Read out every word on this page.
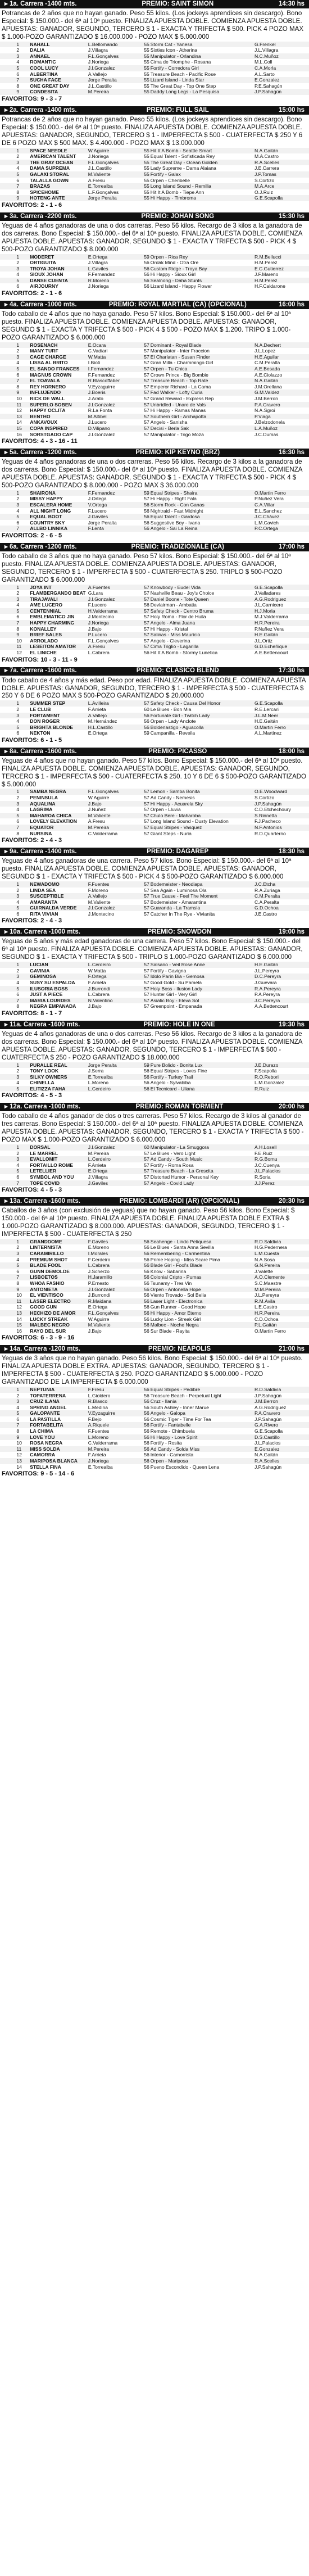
▸ 1a. Carrera - 1400 mts.	PREMIO: SAINT SIMON	14:30 hs
Potrancas de 2 años que no hayan ganado. Peso 55 kilos. (Los jockeys aprendices sin descargo). Bono Especial: $ 150.000.- del 6ª al 10ª puesto. FINALIZA APUESTA DOBLE. COMIENZA APUESTA DOBLE. APUESTAS: GANADOR, SEGUNDO, TERCERO $ 1 - EXACTA Y TRIFECTA $ 500. PICK 4 POZO MAX $ 1.000-POZO GARANTIZADO $ 16.000.000 - POZO MAX $ 5.000.000
	1	NAHALL	L.Bellomando	55	Storm Cat - Yanesa	G.Frenkel
	2	DALIA	J.Villagra	55	Sixties Icon - Atherina	J.L.Villagra
	3	ANNAEL	F.L.Gonçalves	55	Manipulator - Orlandina	N.C.Muñoz
	4	ROMANTIC	J.Noriega	55	Cima de Triomphe - Rosana	M.L.Coll
	5	COOL LUCY	J.I.Gonzalez	55	Fortify - Corredora Girl	C.A.Morla
	6	ALBERTINA	A.Vallejo	55	Treasure Beach - Pacific Rose	A.L.Sarto
	7	SUCHA FACE	Jorge Peralta	55	Lizard Island - Linda Star	E.Gonzalez
	8	ONE GREAT DAY	J.L.Castillo	55	The Great Day - Top One Step	P.E.Sahagún
	9	CONDESITA	M.Pereira	55	Daddy Long Legs - La Pesquisa	J.P.Sahagún
FAVORITOS: 9 - 3 - 7
▸ 2a. Carrera - 1400 mts.	PREMIO: FULL SAIL	15:00 hs
Potrancas de 2 años que no hayan ganado. Peso 55 kilos. (Los jockeys aprendices sin descargo). Bono Especial: $ 150.000.- del 6ª al 10ª puesto. FINALIZA APUESTA DOBLE. COMIENZA APUESTA DOBLE. APUESTAS: GANADOR, SEGUNDO, TERCERO $ 1 - IMPERFECTA $ 500 - CUATERFECTA $ 250 Y 6 DE 6 POZO MAX $ 500 MAX. $ 4.400.000 - POZO MAX $ 13.000.000
	1	SPACE NEEDLE	W.Aguirre	55	Hit It A Bomb - Seattle Smart	N.A.Gaitán
	2	AMERICAN TALENT	J.Noriega	55	Equal Talent - Sofisticada Rey	M.A.Castro
	3	THE GRAY OCEAN	F.L.Gonçalves	55	The Great Day - Ocean Golden	R.A.Scelles
	4	DAMA SUPREMA	J.L.Castillo	55	Lady Supreme - Dama Alaiana	J.E.Carrera
	5	GALAXI STORAL	M.Valiente	55	Fortify - Galax	J.P.Tomas
	6	TALALLA GOWN	A.Fresu	55	Orpen - Cheribelle	S.Cortizo
	7	BRAZAS	E.Torrealba	55	Long Island Sound - Remilla	M.A.Arce
	8	SPICEHOME	L.F.Gonçalves	55	Hit It A Bomb - Tiepe Ann	O.J.Ruiz
	9	HOTENG ANTE	Jorge Peralta	55	Hi Happy - Timbroma	G.E.Scapolla
FAVORITOS: 2 - 1 - 6
▸ 3a. Carrera - 2200 mts.	PREMIO: JOHAN SONG	15:30 hs
Yeguas de 4 años ganadoras de una o dos carreras. Peso 56 kilos. Recargo de 3 kilos a la ganadora de dos carreras. Bono Especial: $ 150.000.- del 6ª al 10ª puesto. FINALIZA APUESTA DOBLE. COMIENZA APUESTA DOBLE. APUESTAS: GANADOR, SEGUNDO $ 1 - EXACTA Y TRIFECTA $ 500 - PICK 4 $ 500-POZO GARANTIZADO $ 8.000.000
	1	MODERET	E.Ortega	59	Orpen - Rica Rey	R.M.Bellucci
	2	ORTIGUITA	J.Villagra	56	Ordak Mind - Otra Ore	H.M.Perez
	3	TROYA JOHAN	L.Gaviles	56	Custom Ridge - Troya Bay	E.C.Gutierrez
	4	SIOUX JOHAN	F.Fernandez	56	Hi Happy - Sioux Girl	J.F.Mareno
	5	DANSE CUENTA	R.Moreno	56	Sealnong - Daha Stunts	H.M.Perez
	6	AIRJOURNY	J.Noriega	56	Lizard Island - Happy Flower	H.F.Caldarone
FAVORITOS: 2 - 1 - 6
▸ 4a. Carrera - 1000 mts.	PREMIO: ROYAL MARTIAL (CA) (OPCIONAL)	16:00 hs
Todo caballo de 4 años que no haya ganado. Peso 57 kilos. Bono Especial: $ 150.000.- del 6ª al 10ª puesto. FINALIZA APUESTA DOBLE. COMIENZA APUESTA DOBLE. APUESTAS: GANADOR, SEGUNDO $ 1 - EXACTA Y TRIFECTA $ 500 - PICK 4 $ 500 - POZO MAX $ 1.200. TRIPO $ 1.000-POZO GARANTIZADO $ 6.000.000
	1	ROSENACH	E.Ocara	57	Dominant - Royal Blade	N.A.Dechert
	2	MANY TURF	C.Vadiari	57	Manipulator - Inter Fraccion	J.L.Lopez
	3	CAGE CHARGE	W.Matta	57	El Charlatan - Susan Finder	H.E.Aguilar
	4	LISSA AL BRITO	I.Bioti	57	Gran Milla - Charmmingo Girl	C.M.Peralta
	5	EL SANDO FRANCES	I.Fernandez	57	Orpen - Tu Chica	A.E.Besada
	6	MAGNUS CROWN	F.Fernandez	57	Crown Prince - Big Bombie	A.E.Ciolazzo
	7	EL TOAVALA	R.Blascoffaber	57	Treasure Beach - Top Rate	N.A.Gaitán
	8	REY HORNERO	V.Eyzaguirre	57	Emperor Richard - La Cama	J.M.Orellana
	9	INFLUJENDO	J.Boeris	57	Fad Walker - Lofty Curia	G.M.Valdez
	10	RICK DE WALL	J.Arato	57	Grand Reward - Express Rep	J.M.Berron
	11	SUPERLO SOBEN	J.I.Gonzalez	57	Unbridled - Unare de Vals	P.A.Cravero
	12	HAPPY OCLITA	R.La Fonta	57	Hi Happy - Ramas Manas	N.A.Sgroi
	13	BENTHO	M.Altibel	57	Southern Girl - Archapotta	P.Viaga
	14	ANKAVOUX	J.Lucero	57	Angelo - Sanisha	J.Belzodonela
	15	COPA INSPIRED	D.Vilipano	57	Decisi - Berla Sak	L.A.Muñoz
	16	SORSTGADO CAP	J.I.Gonzalez	57	Manipulator - Trigo Moza	J.C.Dumas
FAVORITOS: 4 - 3 - 16 - 11
▸ 5a. Carrera - 1200 mts.	PREMIO: KIP KEYNO (BRZ)	16:30 hs
Yeguas de 4 años ganadoras de una o dos carreras. Peso 56 kilos. Recargo de 3 kilos a la ganadora de dos carreras. Bono Especial: $ 150.000.- del 6ª al 10ª puesto. FINALIZA APUESTA DOBLE. COMIENZA APUESTA DOBLE. APUESTAS: GANADOR, SEGUNDO $ 1 - EXACTA Y TRIFECTA $ 500 - PICK 4 $ 500-POZO GARANTIZADO $ 8.000.000 - POZO MAX $ 36.000.000
	1	SHAIRONA	F.Fernandez	59	Equal Stripes - Shaira	O.Martin Ferro
	2	MISSY HAPPY	J.Ortega	57	Hi Happy - Right Fala	P.Nuñez Vera
	3	ESCALERA HOME	V.Ortega	56	Storm Rock - Con Ganas	C.A.Villar
	4	ALL NIGHT LONG	F.Lucero	56	Nightraid - Fast Midnight	E.L.Sanchez
	5	EQUAL BOOT	J.Gaviles	56	Equal Talent - Gardosa	J.C.Chávez
	6	COUNTRY SKY	Jorge Peralta	56	Suggestive Boy - Ivana	L.M.Cavich
	7	ALLBO LINNIKA	F.Lenta	56	Angelo - Sai La Reina	P.C.Ortega
FAVORITOS: 2 - 6 - 5
▸ 6a. Carrera - 1200 mts.	PREMIO: TRADIZIONALE (CA)	17:00 hs
Todo caballo de 3 años que no haya ganado. Peso 57 kilos. Bono Especial: $ 150.000.- del 6ª al 10ª puesto. FINALIZA APUESTA DOBLE. COMIENZA APUESTA DOBLE. APUESTAS: GANADOR, SEGUNDO, TERCERO $ 1 - IMPERFECTA $ 500 - CUATERFECTA $ 250. TRIPLO $ 500-POZO GARANTIZADO $ 6.000.000
	1	JOYA INT	A.Fuentes	57	Knowbody - Eudel Vida	G.E.Scapolla
	2	FLAMBERGANDO BEAT	G.Lara	57	Nashville Beau - Joy's Choice	J.Valladares
	3	TIRAJAVALI	J.I.Gonzalez	57	Daniel Boone - Tote Queen	A.G.Rodriguez
	4	AME LUCERO	F.Lucero	56	Devlairman - Ambatia	J.L.Carnicero
	5	CENTENNIAL	H.Valderrama	57	Safety Check - Centro Bruma	H.J.Morla
	6	EMBLEMATICO JIN	J.Montecino	57	Holy Roma - Flor de Huila	M.J.Valderrama
	7	HAPPY CHARMING	J.Noriega	57	Angelo - Alma Juana	H.R.Pereira
	8	KONALLEY	J.Bajo	57	Hi Happy - Kristal	P.Nuñez Vera
	9	BRIEF SALES	P.Lucero	57	Salinas - Miss Mauricio	H.E.Gaitán
	10	ARROLADO	F.L.Gonçalves	57	Angelo - Cleverina	J.L.Ortiz
	11	LESEITON AMATOR	A.Fresu	57	Cima Triglio - Lagarilla	G.D.Echeñique
	12	EL LINICHE	L.Cabrera	56	Hit It A Bomb - Stormy Lunetica	A.E.Bettencourt
FAVORITOS: 10 - 3 - 11 - 9
▸ 7a. Carrera - 1600 mts.	PREMIO: CLÁSICO BLEND	17:30 hs
Todo caballo de 4 años y más edad. Peso por edad. FINALIZA APUESTA DOBLE. COMIENZA APUESTA DOBLE. APUESTAS: GANADOR, SEGUNDO, TERCERO $ 1 - IMPERFECTA $ 500 - CUATERFECTA $ 250 Y 6 DE 6 POZO MAX $ 500-POZO GARANTIZADO $ 20.000.000
	1	SUMMER STEP	L.Avilleira	57	Safety Check - Causa Del Honor	G.E.Scapolla
	2	LE CLUB	F.Arrieta	60	Le Blues - Bon Mia	R.E.Lercari
	3	FORTAMENT	A.Vallejo	56	Fortunate Girl - Twitch Lady	J.L.M.Neer
	4	DON ROGER	M.Hernández	56	Orpen - Lady Anclote	H.E.Gaitán
	5	BRIGHTA BLONDE	H.L.Castillo	56	Boldenastigo - Aguacolla	O.Martin Ferro
	6	NEKTON	E.Ortega	59	Campanilla - Reveila	A.L.Martinez
FAVORITOS: 6 - 1 - 5
▸ 8a. Carrera - 1600 mts.	PREMIO: PICASSO	18:00 hs
Yeguas de 4 años que no hayan ganado. Peso 57 kilos. Bono Especial: $ 150.000.- del 6ª al 10ª puesto. FINALIZA APUESTA DOBLE. COMIENZA APUESTA DOBLE. APUESTAS: GANADOR, SEGUNDO, TERCERO $ 1 - IMPERFECTA $ 500 - CUATERFECTA $ 250. 10 Y 6 DE 6 $ 500-POZO GARANTIZADO $ 5.000.000
	1	SAMBA NEGRA	F.L.Gonçalves	57	Lemon - Samba Bonita	O.E.Woodward
	2	PENINSULA	W.Aguirre	57	Ad Candy - Nemesis	S.Cortizo
	3	AQUALINA	J.Bajo	57	Hi Happy - Acuarela Sky	J.P.Sahagún
	4	LAGRIMA	J.Nuñez	57	Orpen - Lluvia	C.D.Etchechoury
	5	MAHAROA CHICA	M.Valiente	57	Chulo Bere - Maharoba	S.Rinnetta
	6	LOVELY ELEVATION	A.Fresu	57	Long Island Sound - Dusty Elevation	F.J.Pacheco
	7	EQUATOR	M.Pereira	57	Equal Stripes - Vasquez	N.F.Antonios
	8	NURSINA	C.Valderrama	57	Giant Steps - Nuria	R.D.Quarterno
FAVORITOS: 2 - 4 - 3
▸ 9a. Carrera - 1400 mts.	PREMIO: DAGAREP	18:30 hs
Yeguas de 4 años ganadoras de una carrera. Peso 57 kilos. Bono Especial: $ 150.000.- del 6ª al 10ª puesto. FINALIZA APUESTA DOBLE. COMIENZA APUESTA DOBLE. APUESTAS: GANADOR, SEGUNDO $ 1 - EXACTA Y TRIFECTA $ 500 - PICK 4 $ 500-POZO GARANTIZADO $ 6.000.000
	1	NEWADOMO	F.Fuentes	57	Bodemeister - Neodiapa	J.C.Etcha
	2	LINDA SEA	F.Moreno	57	Sea Again - Luminosa Ola	R.A.Zuriaga
	3	SUSCEPTIBLE	A.Vallejo	57	True Cause - Feel The Moment	C.M.Peralta
	4	AMARANTA	M.Valiente	57	Bodemeister - Amarantina	C.A.Peralta
	5	GUIRNALDA VERDE	J.I.Gonzalez	57	Guaranda - La Tramsla	G.D.Ochoa
	6	RITA VIVIAN	J.Montecino	57	Catcher In The Rye - Vivianita	J.E.Castro
FAVORITOS: 2 - 4 - 3
▸ 10a. Carrera - 1000 mts.	PREMIO: SNOWDON	19:00 hs
Yeguas de 5 años y más edad ganadoras de una carrera. Peso 57 kilos. Bono Especial: $ 150.000.- del 6ª al 10ª puesto. FINALIZA APUESTA DOBLE. COMIENZA APUESTA DOBLE. APUESTAS: GANADOR, SEGUNDO $ 1 - EXACTA Y TRIFECTA $ 500 - TRIPLO $ 1.000-POZO GARANTIZADO $ 6.000.000
	1	LUCIAN	L.Cerdeiro	57	Salsano - Veil Rose Anne	H.E.Gaitán
	2	GAVINIA	W.Matta	57	Fortify - Gavigna	J.L.Pereyra
	3	GEMINOSA	F.Ortega	57	Idolo Parin Bia - Gemosa	D.C.Pereyra
	4	SUSY SU ESPALDA	F.Arrieta	57	Good Gold - Su Pamela	J.Guevara
	5	ILUSORIA BOSS	J.Burrondi	57	Holy Boss - Ilusion Lady	R.A.Pereyra
	6	JUST A PIECE	L.Cabrera	57	Hunter Girl - Very Girl	P.A.Pereyra
	7	MARIA LOURDES	N.Valentino	57	Asiatic Boy - Eleva Sol	J.C.Pereyra
	8	NEGRA EMPANADA	J.Bajo	57	Greenpoint - Empanada	A.A.Bettencourt
FAVORITOS: 8 - 1 - 7
▸ 11a. Carrera - 1600 mts.	PREMIO: HOLE IN ONE	19:30 hs
Yeguas de 4 años ganadoras de una o dos carreras. Peso 56 kilos. Recargo de 3 kilos a la ganadora de dos carreras. Bono Especial: $ 150.000.- del 6ª al 10ª puesto. FINALIZA APUESTA DOBLE. COMIENZA APUESTA DOBLE. APUESTAS: GANADOR, SEGUNDO, TERCERO $ 1 - IMPERFECTA $ 500 - CUATERFECTA $ 250 - POZO GARANTIZADO $ 18.000.000
	1	PURALLE REAL	Jorge Peralta	59	Pure Bolido - Bonita Lux	J.E.Durazo
	2	TONY LOOK	J.Serra	56	Equal Stripes - Loves Fine	F.Scapolla
	3	SILKY OWNERS	E.Torrealba	56	Fortify - Turkey Trail	R.O.Rebori
	4	CHINELLA	L.Moreno	56	Angelo - Sylvabiba	L.M.Gonzalez
	5	ELITIZZA FAHA	L.Cerdeiro	56	El Tecnicard - Uliana	R.Ruiz
FAVORITOS: 4 - 5 - 3
▸ 12a. Carrera - 1000 mts.	PREMIO: ROMAN TORMENT	20:00 hs
Todo caballo de 4 años ganador de dos o tres carreras. Peso 57 kilos. Recargo de 3 kilos al ganador de tres carreras. Bono Especial: $ 150.000.- del 6ª al 10ª puesto. FINALIZA APUESTA DOBLE. COMIENZA APUESTA DOBLE. APUESTAS: GANADOR, SEGUNDO, TERCERO $ 1 - EXACTA Y TRIFECTA $ 500 - POZO MAX $ 1.000-POZO GARANTIZADO $ 6.000.000
	1	DORSAL	J.I.Gonzalez	60	Manipulator - La Smuggora	A.H.Losell
	2	LE MARREL	M.Pereira	57	Le Blues - Vero Light	F.E.Ruiz
	3	EVALLOMIT	L.Cerdeiro	57	Ad Candy - South Music	R.G.Bornu
	4	FORTAILLO ROME	F.Arrieta	57	Fortify - Roma Rosa	J.C.Cuenya
	5	LETELLIER	E.Ortega	57	Treasure Beach - La Crescita	J.L.Palacios
	6	SYMBOL AND YOU	J.Villagra	57	Distorted Humor - Personal Key	R.Soria
	7	TOPE COVID	J.Gaviles	57	Angelo - Covid Lady	J.J.Perez
FAVORITOS: 4 - 5 - 3
▸ 13a. Carrera - 1600 mts.	PREMIO: LOMBARDI (AR) (OPCIONAL)	20:30 hs
Caballos de 3 años (con exclusión de yeguas) que no hayan ganado. Peso 56 kilos. Bono Especial: $ 150.000.- del 6ª al 10ª puesto. FINALIZA APUESTA DOBLE. FINALIZA APUESTA DOBLE EXTRA $ 1.000-POZO GARANTIZADO $ 8.000.000. APUESTAS: GANADOR, SEGUNDO, TERCERO $ 1 - IMPERFECTA $ 500 - CUATERFECTA $ 250
	1	GRANDDOME	F.Gaviles	56	Seahenge - Lindo Petiquesa	R.D.Saldivia
	2	LINTERNISTA	E.Moreno	56	Le Blues - Santa Anna Sevilla	H.G.Pedernera
	3	CARAMIRILLO	I.Morales	56	Remembering - Carmentina	L.M.Cuesta
	4	PREMIUM SHOT	F.Cerdeiro	56	Prime Hoping - Miss Scare Pima	N.A.Sosa
	5	BLADE FOOL	L.Cabrera	56	Blade Girl - Fool's Blade	G.N.Pereira
	6	GUNN DEMOLDE	J.Scherzo	56	Know - Sabarina	J.Valette
	7	LISBOETOS	H.Jaramillo	56	Colonial Cripto - Pumas	A.O.Clemente
	8	WHOA FASHIO	P.Ernesto	56	Tsunamy - Tres Vin	S.C.Maestre
	9	ANTONIETA	J.I.Gonzalez	56	Orpen - Antonella Hope	M.M.Pereira
	10	EL VIENTISCO	J.Burrondi	56	Viento Trovado - Sol Bella	J.L.Pereyra
	11	LASER ELECTRO	R.Maidana	56	Laser Light - Electronica	R.M.Avila
	12	GOOD GUN	E.Ortega	56	Gun Runner - Good Hope	L.E.Castro
	13	HECHIZO DE AMOR	F.L.Gonçalves	56	Hi Happy - Amor Eterno	H.R.Pereira
	14	LUCKY STREAK	W.Aguirre	56	Lucky Lion - Streak Girl	C.D.Ochoa
	15	MALBEC NEGRO	M.Valiente	56	Malbec - Noche Negra	P.L.Gaitán
	16	RAYO DEL SUR	J.Bajo	56	Sur Blade - Rayita	O.Martin Ferro
FAVORITOS: 6 - 3 - 9 - 16
▸ 14a. Carrera - 1200 mts.	PREMIO: NEAPOLIS	21:00 hs
Yeguas de 3 años que no hayan ganado. Peso 56 kilos. Bono Especial: $ 150.000.- del 6ª al 10ª puesto. FINALIZA APUESTA DOBLE EXTRA. APUESTAS: GANADOR, SEGUNDO, TERCERO $ 1 - IMPERFECTA $ 500 - CUATERFECTA $ 250. POZO GARANTIZADO $ 5.000.000 - POZO GARANTIZADO DE LA IMPERFECTA $ 6.000.000
	1	NEPTUNIA	F.Fresu	56	Equal Stripes - Pedibre	R.D.Saldivia
	2	TOPATERRENA	L.Gioldero	56	Treasure Beach - Perpetual Light	J.P.Sahagún
	3	CRUZ ILANA	R.Blasco	56	Cruz - Ilania	J.M.Berron
	4	SPRING ANGEL	L.Medina	56	South Ashley - Inner Marue	A.G.Rodriguez
	5	GALOPANTE	V.Eyzaguirre	56	Angelo - Galopa	P.A.Cravero
	6	LA PASTILLA	F.Bejo	56	Cosmic Tiger - Time For Tea	J.P.Sahagún
	7	FORTABELITA	A.Riquele	56	Fortify - Fantabelle	G.A.Rivero
	8	LA CHIMA	F.Fuentes	56	Remote - Chimbuela	G.E.Scapolla
	9	LOVE YOU	L.Moreno	56	Hi Happy - Love Spirit	D.S.Castillo
	10	ROSA NEGRA	C.Valderrama	56	Fortify - Rosita	J.L.Palacios
	11	MISS SOLDA	M.Pereira	56	Ad Candy - Solda Miss	E.Gonzalez
	12	CAMORRA	F.Arrieta	56	Interior - Camorrista	N.A.Gaitán
	13	MARIPOSA BLANCA	J.Noriega	56	Orpen - Mariposa	R.A.Scelles
	14	STELLA FINA	E.Torrealba	56	Pueno Escondido - Queen Lena	J.P.Sahagún
FAVORITOS: 9 - 5 - 14 - 6
